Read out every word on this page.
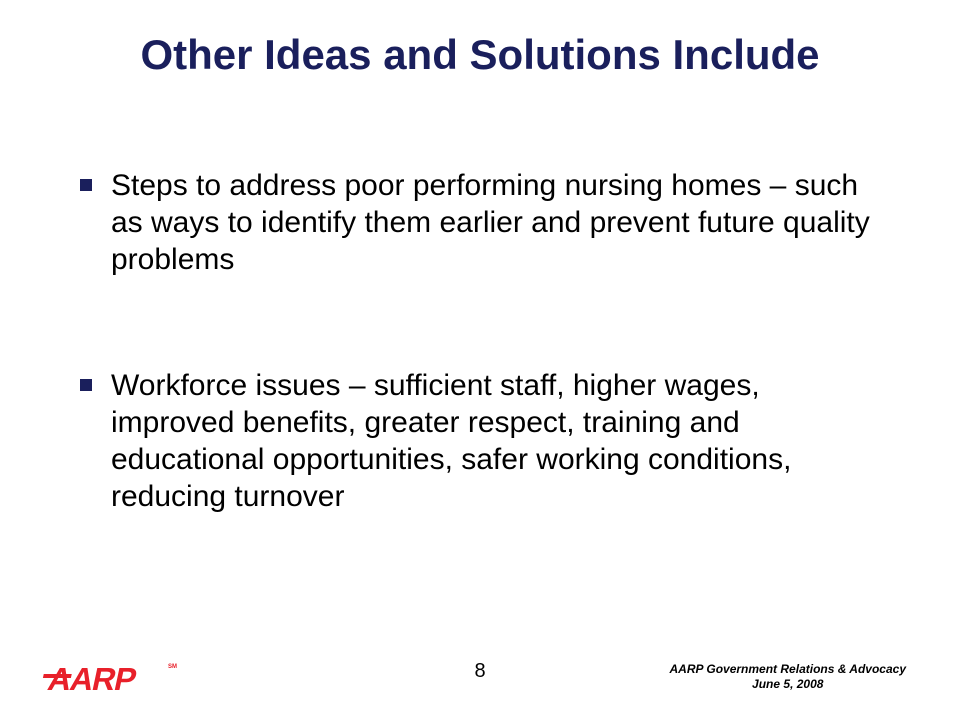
Other Ideas and Solutions Include
Steps to address poor performing nursing homes – such as ways to identify them earlier and prevent future quality problems
Workforce issues – sufficient staff, higher wages, improved benefits, greater respect, training and educational opportunities, safer working conditions, reducing turnover
AARP	SM	8	AARP Government Relations & Advocacy
June 5, 2008
